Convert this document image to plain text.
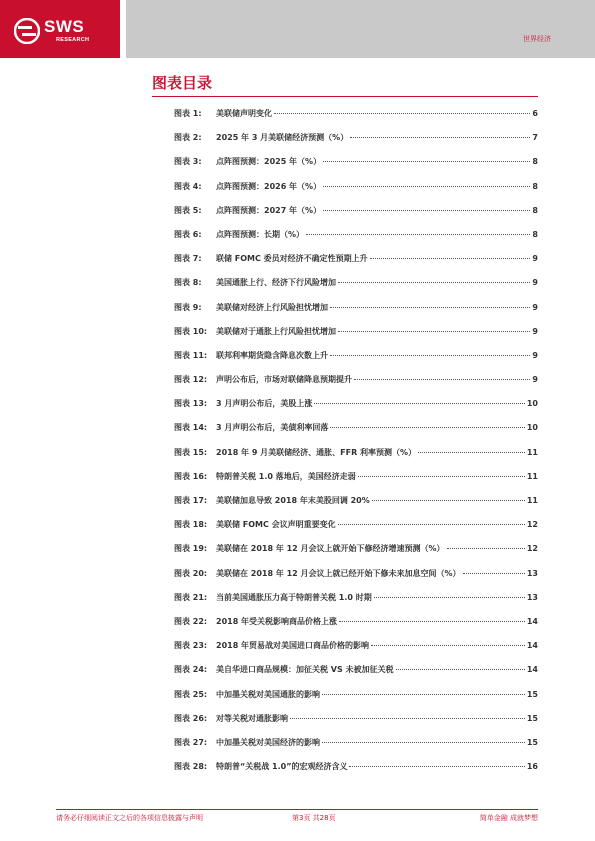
SWS
RESEARCH	世界经济
图表目录
图表 1:	美联储声明变化	6
图表 2:	2025 年 3 月美联储经济预测（%）	7
图表 3:	点阵图预测：2025 年（%）	8
图表 4:	点阵图预测：2026 年（%）	8
图表 5:	点阵图预测：2027 年（%）	8
图表 6:	点阵图预测：长期（%）	8
图表 7:	联储 FOMC 委员对经济不确定性预期上升	9
图表 8:	美国通胀上行、经济下行风险增加	9
图表 9:	美联储对经济上行风险担忧增加	9
图表 10:	美联储对于通胀上行风险担忧增加	9
图表 11:	联邦利率期货隐含降息次数上升	9
图表 12:	声明公布后，市场对联储降息预期提升	9
图表 13:	3 月声明公布后，美股上涨	10
图表 14:	3 月声明公布后，美债利率回落	10
图表 15:	2018 年 9 月美联储经济、通胀、FFR 利率预测（%）	11
图表 16:	特朗普关税 1.0 落地后，美国经济走弱	11
图表 17:	美联储加息导致 2018 年末美股回调 20%	11
图表 18:	美联储 FOMC 会议声明重要变化	12
图表 19:	美联储在 2018 年 12 月会议上就开始下修经济增速预测（%）	12
图表 20:	美联储在 2018 年 12 月会议上就已经开始下修未来加息空间（%）	13
图表 21:	当前美国通胀压力高于特朗普关税 1.0 时期	13
图表 22:	2018 年受关税影响商品价格上涨	14
图表 23:	2018 年贸易战对美国进口商品价格的影响	14
图表 24:	美自华进口商品规模：加征关税 VS 未被加征关税	14
图表 25:	中加墨关税对美国通胀的影响	15
图表 26:	对等关税对通胀影响	15
图表 27:	中加墨关税对美国经济的影响	15
图表 28:	特朗普“关税战 1.0”的宏观经济含义	16
请务必仔细阅读正文之后的各项信息披露与声明	第3页 共28页	简单金融 成就梦想
